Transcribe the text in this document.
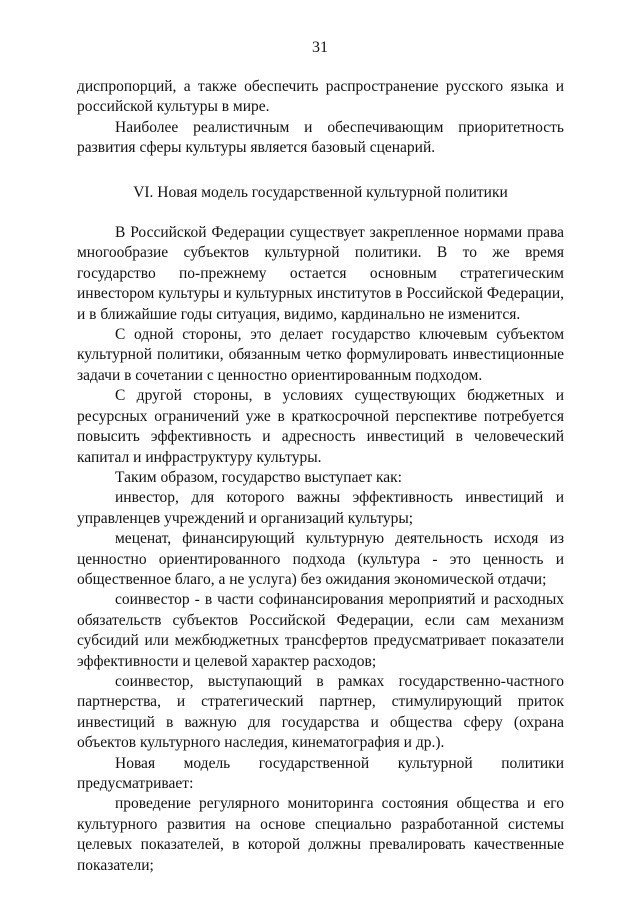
31

диспропорций, а также обеспечить распространение русского языка и российской культуры в мире.

Наиболее реалистичным и обеспечивающим приоритетность развития сферы культуры является базовый сценарий.

VI. Новая модель государственной культурной политики

В Российской Федерации существует закрепленное нормами права многообразие субъектов культурной политики. В то же время государство по-прежнему остается основным стратегическим инвестором культуры и культурных институтов в Российской Федерации, и в ближайшие годы ситуация, видимо, кардинально не изменится.

С одной стороны, это делает государство ключевым субъектом культурной политики, обязанным четко формулировать инвестиционные задачи в сочетании с ценностно ориентированным подходом.

С другой стороны, в условиях существующих бюджетных и ресурсных ограничений уже в краткосрочной перспективе потребуется повысить эффективность и адресность инвестиций в человеческий капитал и инфраструктуру культуры.

Таким образом, государство выступает как:

инвестор, для которого важны эффективность инвестиций и управленцев учреждений и организаций культуры;

меценат, финансирующий культурную деятельность исходя из ценностно ориентированного подхода (культура - это ценность и общественное благо, а не услуга) без ожидания экономической отдачи;

соинвестор - в части софинансирования мероприятий и расходных обязательств субъектов Российской Федерации, если сам механизм субсидий или межбюджетных трансфертов предусматривает показатели эффективности и целевой характер расходов;

соинвестор, выступающий в рамках государственно-частного партнерства, и стратегический партнер, стимулирующий приток инвестиций в важную для государства и общества сферу (охрана объектов культурного наследия, кинематография и др.).

Новая модель государственной культурной политики предусматривает:

проведение регулярного мониторинга состояния общества и его культурного развития на основе специально разработанной системы целевых показателей, в которой должны превалировать качественные показатели;
